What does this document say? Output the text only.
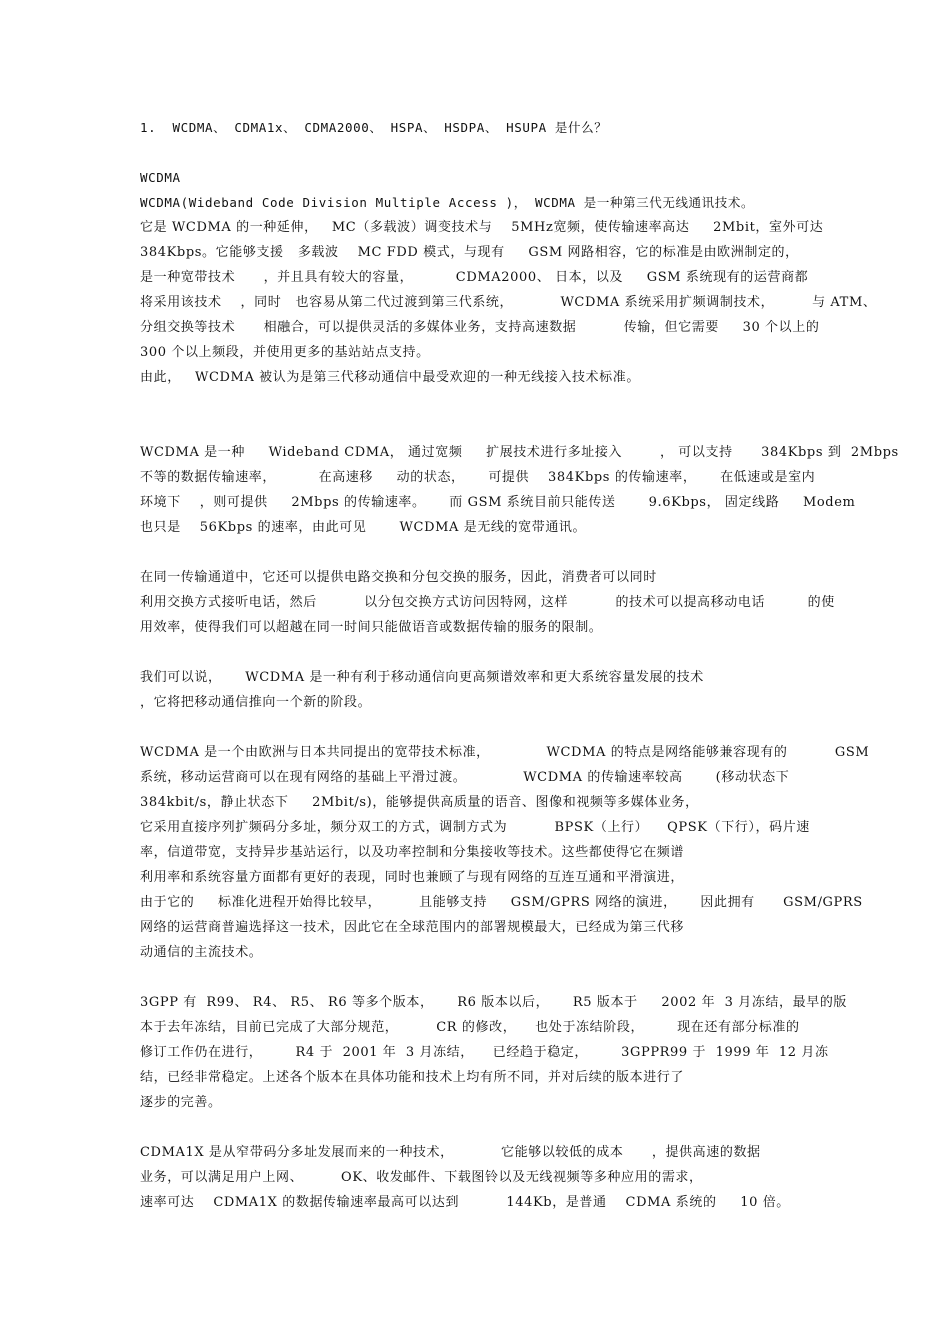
1.  WCDMA、 CDMA1x、 CDMA2000、 HSPA、 HSDPA、 HSUPA 是什么？
WCDMA
WCDMA(Wideband Code Division Multiple Access )， WCDMA 是一种第三代无线通讯技术。
它是 WCDMA 的一种延伸，   MC（多载波）调变技术与    5MHz宽频，使传输速率高达     2Mbit，室外可达
384Kbps。它能够支援   多载波    MC FDD 模式，与现有     GSM 网路相容，它的标准是由欧洲制定的，
是一种宽带技术      ，并且具有较大的容量，         CDMA2000、 日本，以及     GSM 系统现有的运营商都
将采用该技术    ，同时   也容易从第二代过渡到第三代系统，          WCDMA 系统采用扩频调制技术，        与 ATM、
分组交换等技术      相融合，可以提供灵活的多媒体业务，支持高速数据          传输，但它需要     30 个以上的
300 个以上频段，并使用更多的基站站点支持。
由此，   WCDMA 被认为是第三代移动通信中最受欢迎的一种无线接入技术标准。
WCDMA 是一种     Wideband CDMA， 通过宽频     扩展技术进行多址接入        ， 可以支持      384Kbps 到  2Mbps
不等的数据传输速率，         在高速移     动的状态，     可提供    384Kbps 的传输速率，     在低速或是室内
环境下    ，则可提供     2Mbps 的传输速率。     而 GSM 系统目前只能传送       9.6Kbps， 固定线路     Modem
也只是    56Kbps 的速率，由此可见       WCDMA 是无线的宽带通讯。
在同一传输通道中，它还可以提供电路交换和分包交换的服务，因此，消费者可以同时
利用交换方式接听电话，然后          以分包交换方式访问因特网，这样          的技术可以提高移动电话         的使
用效率，使得我们可以超越在同一时间只能做语音或数据传输的服务的限制。
我们可以说，     WCDMA 是一种有利于移动通信向更高频谱效率和更大系统容量发展的技术
，它将把移动通信推向一个新的阶段。
WCDMA 是一个由欧洲与日本共同提出的宽带技术标准，            WCDMA 的特点是网络能够兼容现有的          GSM
系统，移动运营商可以在现有网络的基础上平滑过渡。            WCDMA 的传输速率较高       (移动状态下
384kbit/s，静止状态下     2Mbit/s)，能够提供高质量的语音、图像和视频等多媒体业务，
它采用直接序列扩频码分多址，频分双工的方式，调制方式为          BPSK（上行）    QPSK（下行），码片速
率，信道带宽，支持异步基站运行，以及功率控制和分集接收等技术。这些都使得它在频谱
利用率和系统容量方面都有更好的表现，同时也兼顾了与现有网络的互连互通和平滑演进，
由于它的     标准化进程开始得比较早，        且能够支持     GSM/GPRS 网络的演进，     因此拥有      GSM/GPRS
网络的运营商普遍选择这一技术，因此它在全球范围内的部署规模最大，已经成为第三代移
动通信的主流技术。
3GPP 有  R99、 R4、 R5、 R6 等多个版本，     R6 版本以后，     R5 版本于     2002 年  3 月冻结，最早的版
本于去年冻结，目前已完成了大部分规范，        CR 的修改，    也处于冻结阶段，       现在还有部分标准的
修订工作仍在进行，       R4 于  2001 年  3 月冻结，    已经趋于稳定，       3GPPR99 于  1999 年  12 月冻
结，已经非常稳定。上述各个版本在具体功能和技术上均有所不同，并对后续的版本进行了
逐步的完善。
CDMA1X 是从窄带码分多址发展而来的一种技术，          它能够以较低的成本      ，提供高速的数据
业务，可以满足用户上网、        OK、收发邮件、下载图铃以及无线视频等多种应用的需求，
速率可达    CDMA1X 的数据传输速率最高可以达到          144Kb，是普通    CDMA 系统的     10 倍。
